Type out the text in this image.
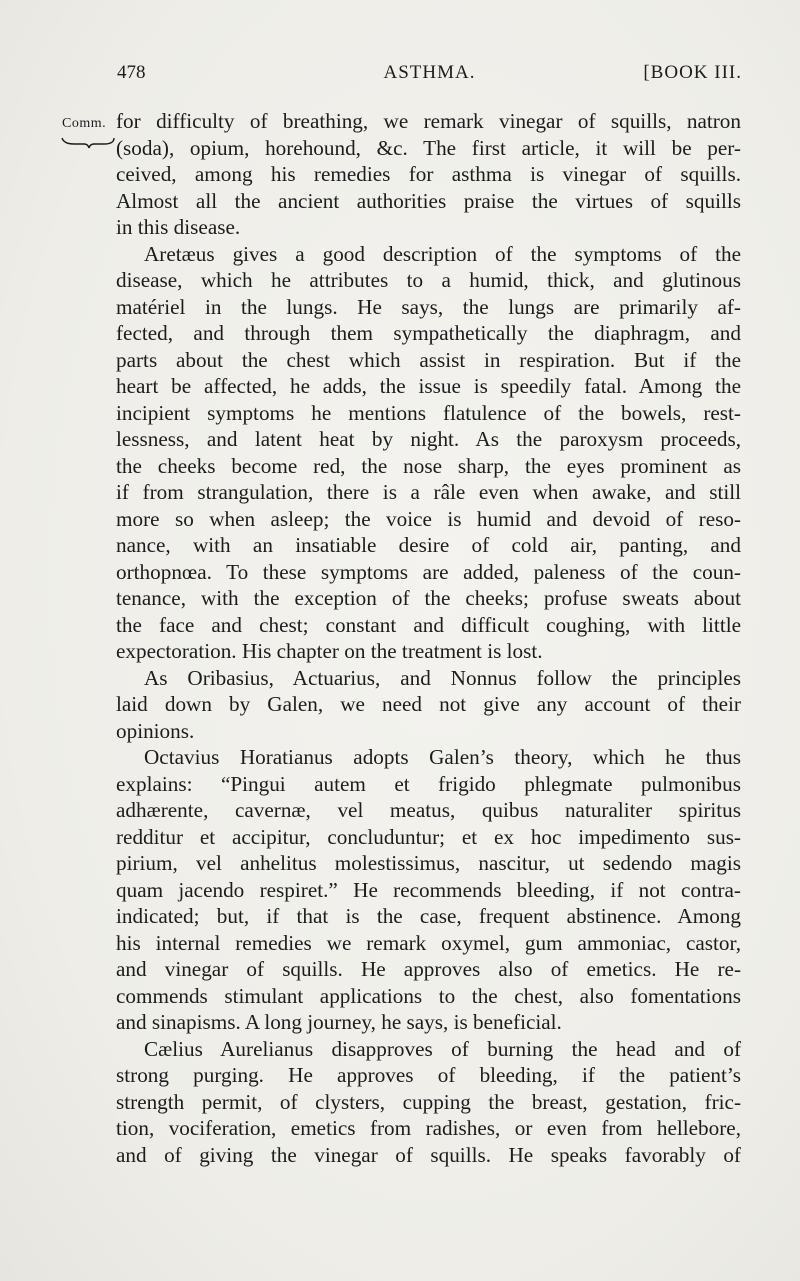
478	ASTHMA.	[BOOK III.
Comm. for difficulty of breathing, we remark vinegar of squills, natron
(soda), opium, horehound, &c. The first article, it will be per-
ceived, among his remedies for asthma is vinegar of squills.
Almost all the ancient authorities praise the virtues of squills
in this disease.
Aretæus gives a good description of the symptoms of the
disease, which he attributes to a humid, thick, and glutinous
matériel in the lungs. He says, the lungs are primarily af-
fected, and through them sympathetically the diaphragm, and
parts about the chest which assist in respiration. But if the
heart be affected, he adds, the issue is speedily fatal. Among the
incipient symptoms he mentions flatulence of the bowels, rest-
lessness, and latent heat by night. As the paroxysm proceeds,
the cheeks become red, the nose sharp, the eyes prominent as
if from strangulation, there is a râle even when awake, and still
more so when asleep; the voice is humid and devoid of reso-
nance, with an insatiable desire of cold air, panting, and
orthopnœa. To these symptoms are added, paleness of the coun-
tenance, with the exception of the cheeks; profuse sweats about
the face and chest; constant and difficult coughing, with little
expectoration. His chapter on the treatment is lost.
As Oribasius, Actuarius, and Nonnus follow the principles
laid down by Galen, we need not give any account of their
opinions.
Octavius Horatianus adopts Galen’s theory, which he thus
explains: “Pingui autem et frigido phlegmate pulmonibus
adhærente, cavernæ, vel meatus, quibus naturaliter spiritus
redditur et accipitur, concluduntur; et ex hoc impedimento sus-
pirium, vel anhelitus molestissimus, nascitur, ut sedendo magis
quam jacendo respiret.” He recommends bleeding, if not contra-
indicated; but, if that is the case, frequent abstinence. Among
his internal remedies we remark oxymel, gum ammoniac, castor,
and vinegar of squills. He approves also of emetics. He re-
commends stimulant applications to the chest, also fomentations
and sinapisms. A long journey, he says, is beneficial.
Cælius Aurelianus disapproves of burning the head and of
strong purging. He approves of bleeding, if the patient’s
strength permit, of clysters, cupping the breast, gestation, fric-
tion, vociferation, emetics from radishes, or even from hellebore,
and of giving the vinegar of squills. He speaks favorably of
